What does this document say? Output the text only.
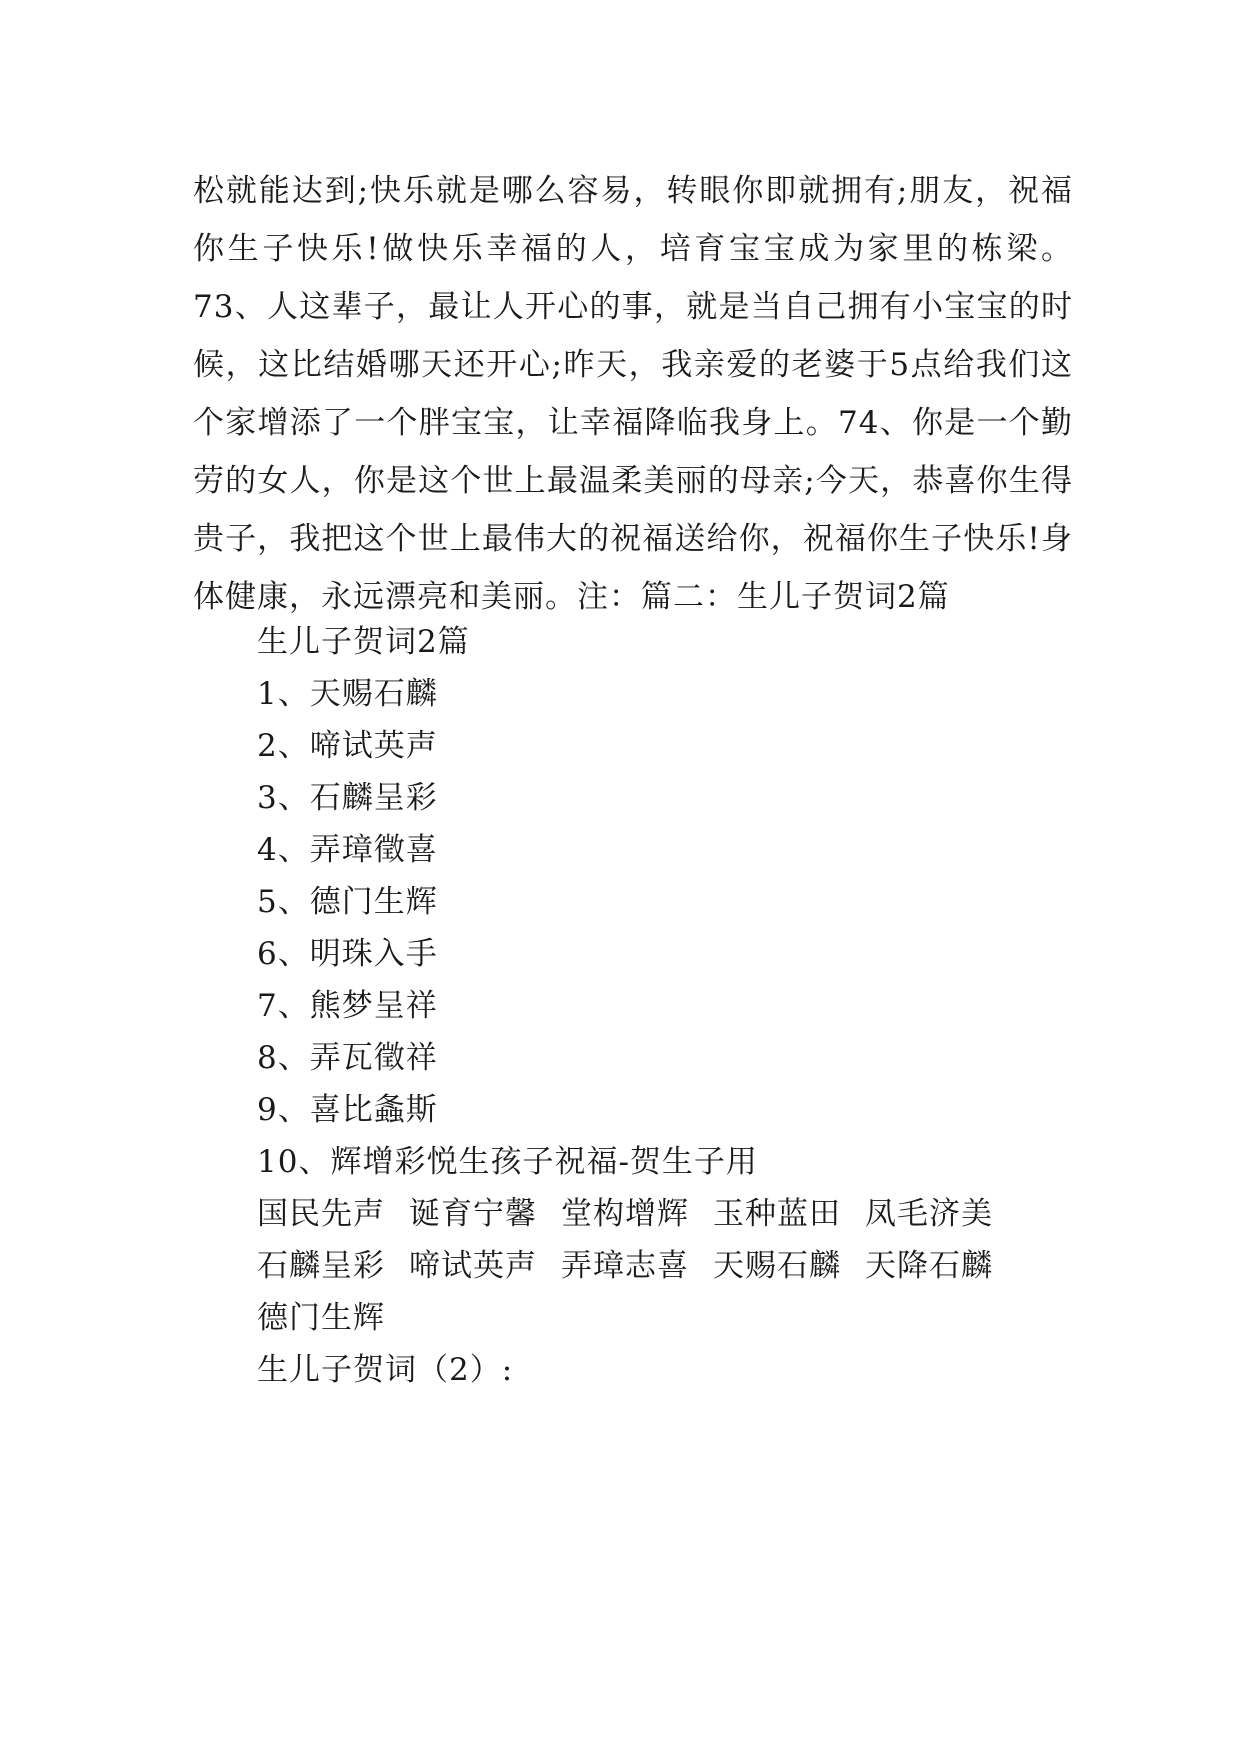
松就能达到;快乐就是哪么容易，转眼你即就拥有;朋友，祝福你生子快乐!做快乐幸福的人，培育宝宝成为家里的栋梁。73、人这辈子，最让人开心的事，就是当自己拥有小宝宝的时候，这比结婚哪天还开心;昨天，我亲爱的老婆于5点给我们这个家增添了一个胖宝宝，让幸福降临我身上。74、你是一个勤劳的女人，你是这个世上最温柔美丽的母亲;今天，恭喜你生得贵子，我把这个世上最伟大的祝福送给你，祝福你生子快乐!身体健康，永远漂亮和美丽。注：篇二：生儿子贺词2篇

生儿子贺词2篇

1、天赐石麟

2、啼试英声

3、石麟呈彩

4、弄璋徵喜

5、德门生辉

6、明珠入手

7、熊梦呈祥

8、弄瓦徵祥

9、喜比螽斯

10、辉增彩悦生孩子祝福-贺生子用

国民先声 诞育宁馨 堂构增辉 玉种蓝田 凤毛济美
石麟呈彩 啼试英声 弄璋志喜 天赐石麟 天降石麟
德门生辉

生儿子贺词（2）:
